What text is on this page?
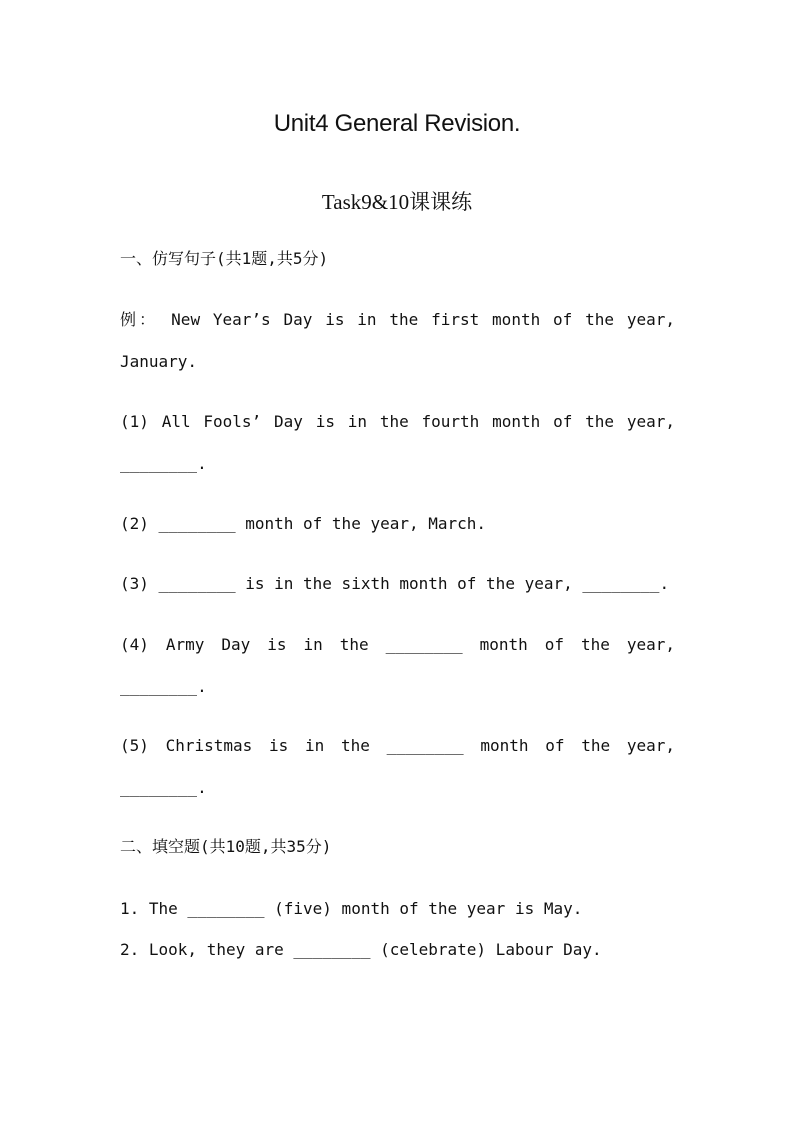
Unit4 General Revision.
Task9&10课课练
一、仿写句子(共1题,共5分)
例： New Year’s Day is in the first month of the year,
January.
(1) All Fools’ Day is in the fourth month of the year,
________.
(2) ________ month of the year, March.
(3) ________ is in the sixth month of the year, ________.
(4) Army Day is in the ________ month of the year,
________.
(5) Christmas is in the ________ month of the year,
________.
二、填空题(共10题,共35分)
1. The ________ (five) month of the year is May.
2. Look, they are ________ (celebrate) Labour Day.
